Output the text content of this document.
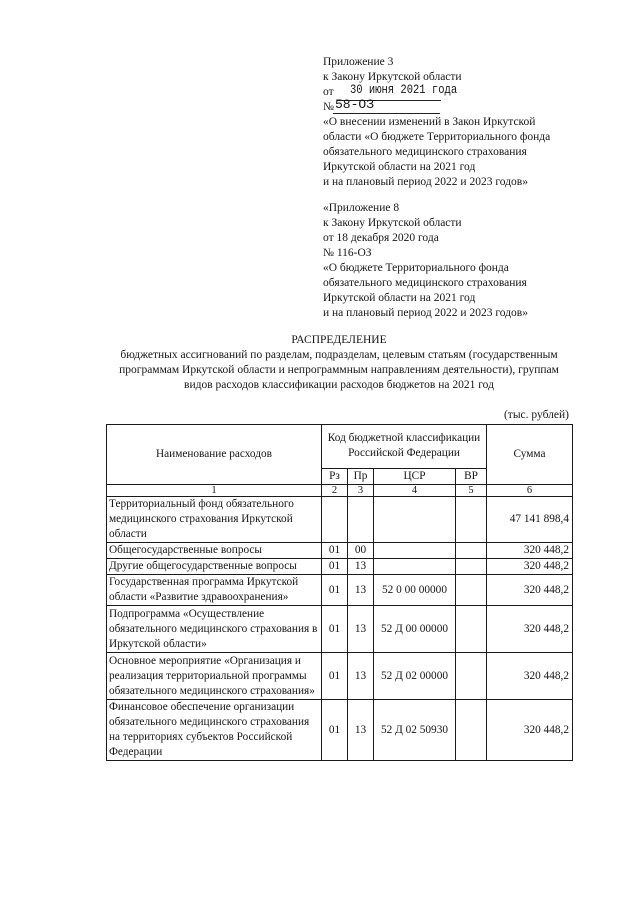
Приложение 3
к Закону Иркутской области
от 30 июня 2021 года
№ 58-ОЗ
«О внесении изменений в Закон Иркутской
области «О бюджете Территориального фонда
обязательного медицинского страхования
Иркутской области на 2021 год
и на плановый период 2022 и 2023 годов»
«Приложение 8
к Закону Иркутской области
от 18 декабря 2020 года
№ 116-ОЗ
«О бюджете Территориального фонда
обязательного медицинского страхования
Иркутской области на 2021 год
и на плановый период 2022 и 2023 годов»
РАСПРЕДЕЛЕНИЕ
бюджетных ассигнований по разделам, подразделам, целевым статьям (государственным
программам Иркутской области и непрограммным направлениям деятельности), группам
видов расходов классификации расходов бюджетов на 2021 год
(тыс. рублей)
Наименование расходов	Код бюджетной классификации
Российской Федерации				Сумма
	Рз	Пр	ЦСР	ВР	
1	2	3	4	5	6
Территориальный фонд обязательного
медицинского страхования Иркутской
области					47 141 898,4
Общегосударственные вопросы	01	00			320 448,2
Другие общегосударственные вопросы	01	13			320 448,2
Государственная программа Иркутской
области «Развитие здравоохранения»	01	13	52 0 00 00000		320 448,2
Подпрограмма «Осуществление
обязательного медицинского страхования в
Иркутской области»	01	13	52 Д 00 00000		320 448,2
Основное мероприятие «Организация и
реализация территориальной программы
обязательного медицинского страхования»	01	13	52 Д 02 00000		320 448,2
Финансовое обеспечение организации
обязательного медицинского страхования
на территориях субъектов Российской
Федерации	01	13	52 Д 02 50930		320 448,2
